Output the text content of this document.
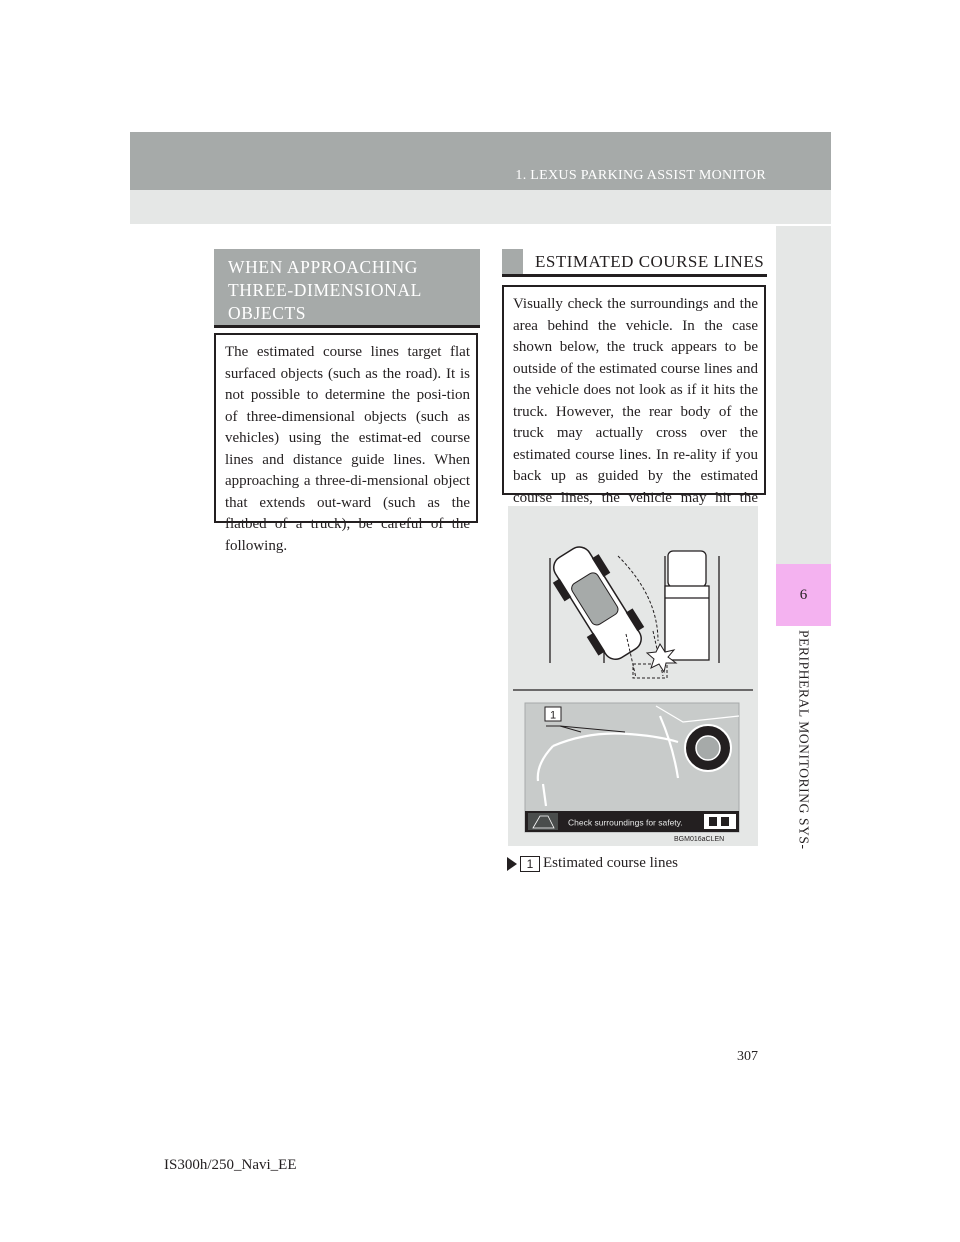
1. LEXUS PARKING ASSIST MONITOR
6
PERIPHERAL MONITORING SYS-
WHEN APPROACHING
THREE-DIMENSIONAL
OBJECTS

The estimated course lines target flat surfaced objects (such as the road). It is not possible to determine the posi-tion of three-dimensional objects (such as vehicles) using the estimat-ed course lines and distance guide lines. When approaching a three-di-mensional object that extends out-ward (such as the flatbed of a truck), be careful of the following.

ESTIMATED COURSE LINES

Visually check the surroundings and the area behind the vehicle. In the case shown below, the truck appears to be outside of the estimated course lines and the vehicle does not look as if it hits the truck. However, the rear body of the truck may actually cross over the estimated course lines. In re-ality if you back up as guided by the estimated course lines, the vehicle may hit the

1
Check surroundings for safety.
BGM016aCLEN
1 Estimated course lines
307
IS300h/250_Navi_EE
